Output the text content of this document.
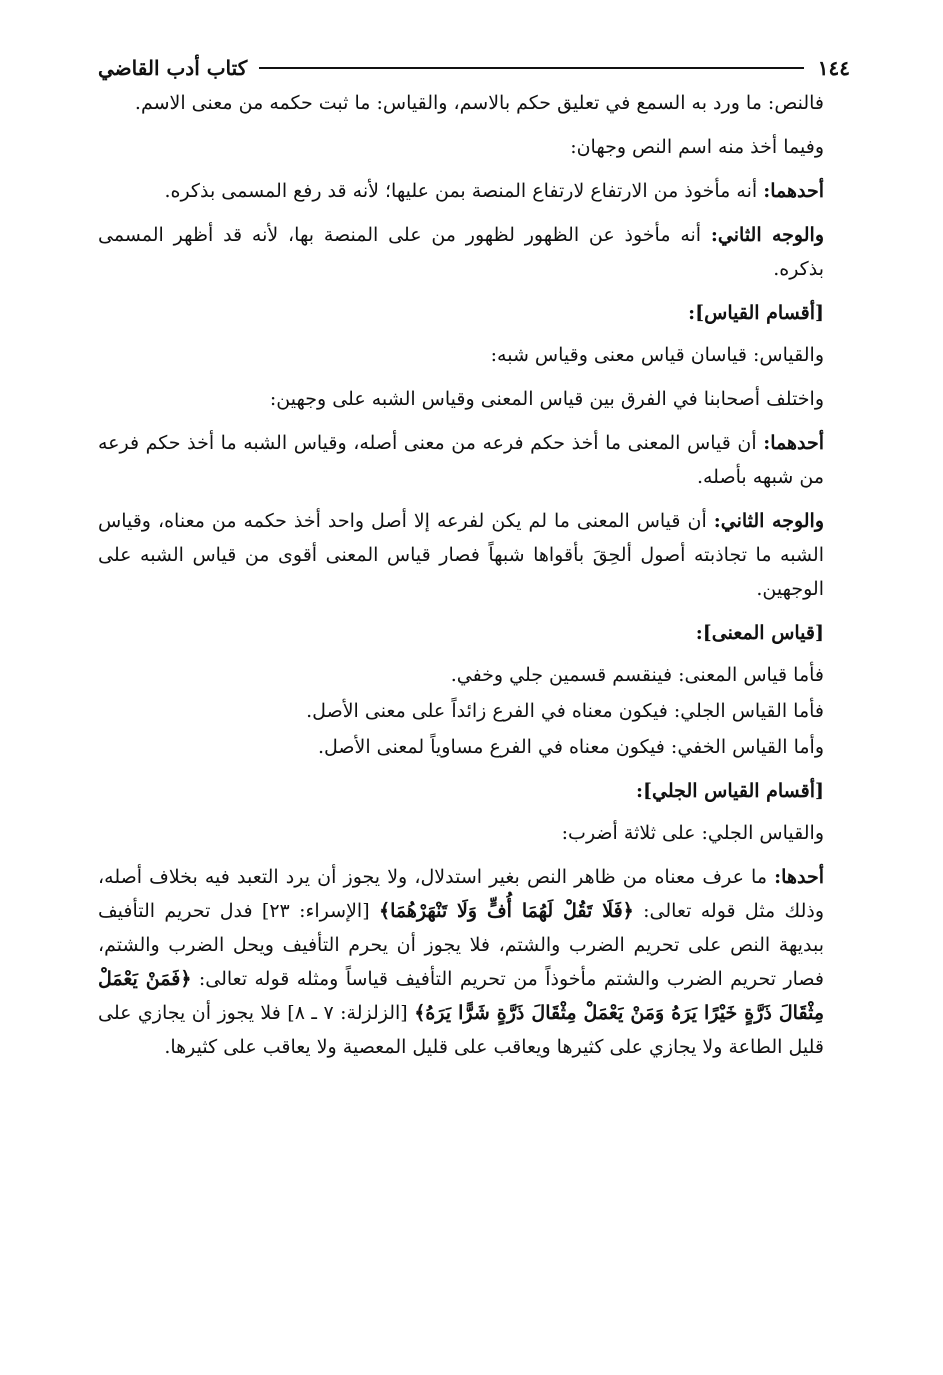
١٤٤
كتاب أدب القاضي

فالنص: ما ورد به السمع في تعليق حكم بالاسم، والقياس: ما ثبت حكمه من معنى الاسم.

وفيما أخذ منه اسم النص وجهان:

أحدهما: أنه مأخوذ من الارتفاع لارتفاع المنصة بمن عليها؛ لأنه قد رفع المسمى بذكره.

والوجه الثاني: أنه مأخوذ عن الظهور لظهور من على المنصة بها، لأنه قد أظهر المسمى بذكره.

[أقسام القياس]:

والقياس: قياسان قياس معنى وقياس شبه:

واختلف أصحابنا في الفرق بين قياس المعنى وقياس الشبه على وجهين:

أحدهما: أن قياس المعنى ما أخذ حكم فرعه من معنى أصله، وقياس الشبه ما أخذ حكم فرعه من شبهه بأصله.

والوجه الثاني: أن قياس المعنى ما لم يكن لفرعه إلا أصل واحد أخذ حكمه من معناه، وقياس الشبه ما تجاذبته أصول ألحِقَ بأقواها شبهاً فصار قياس المعنى أقوى من قياس الشبه على الوجهين.

[قياس المعنى]:

فأما قياس المعنى: فينقسم قسمين جلي وخفي.

فأما القياس الجلي: فيكون معناه في الفرع زائداً على معنى الأصل.

وأما القياس الخفي: فيكون معناه في الفرع مساوياً لمعنى الأصل.

[أقسام القياس الجلي]:

والقياس الجلي: على ثلاثة أضرب:

أحدها: ما عرف معناه من ظاهر النص بغير استدلال، ولا يجوز أن يرد التعبد فيه بخلاف أصله، وذلك مثل قوله تعالى: ﴿فَلَا تَقُلْ لَهُمَا أُفٍّ وَلَا تَنْهَرْهُمَا﴾ [الإسراء: ٢٣] فدل تحريم التأفيف ببديهة النص على تحريم الضرب والشتم، فلا يجوز أن يحرم التأفيف ويحل الضرب والشتم، فصار تحريم الضرب والشتم مأخوذاً من تحريم التأفيف قياساً ومثله قوله تعالى: ﴿فَمَنْ يَعْمَلْ مِثْقَالَ ذَرَّةٍ خَيْرًا يَرَهُ وَمَنْ يَعْمَلْ مِثْقَالَ ذَرَّةٍ شَرًّا يَرَهُ﴾ [الزلزلة: ٧ ـ ٨] فلا يجوز أن يجازي على قليل الطاعة ولا يجازي على كثيرها ويعاقب على قليل المعصية ولا يعاقب على كثيرها.
